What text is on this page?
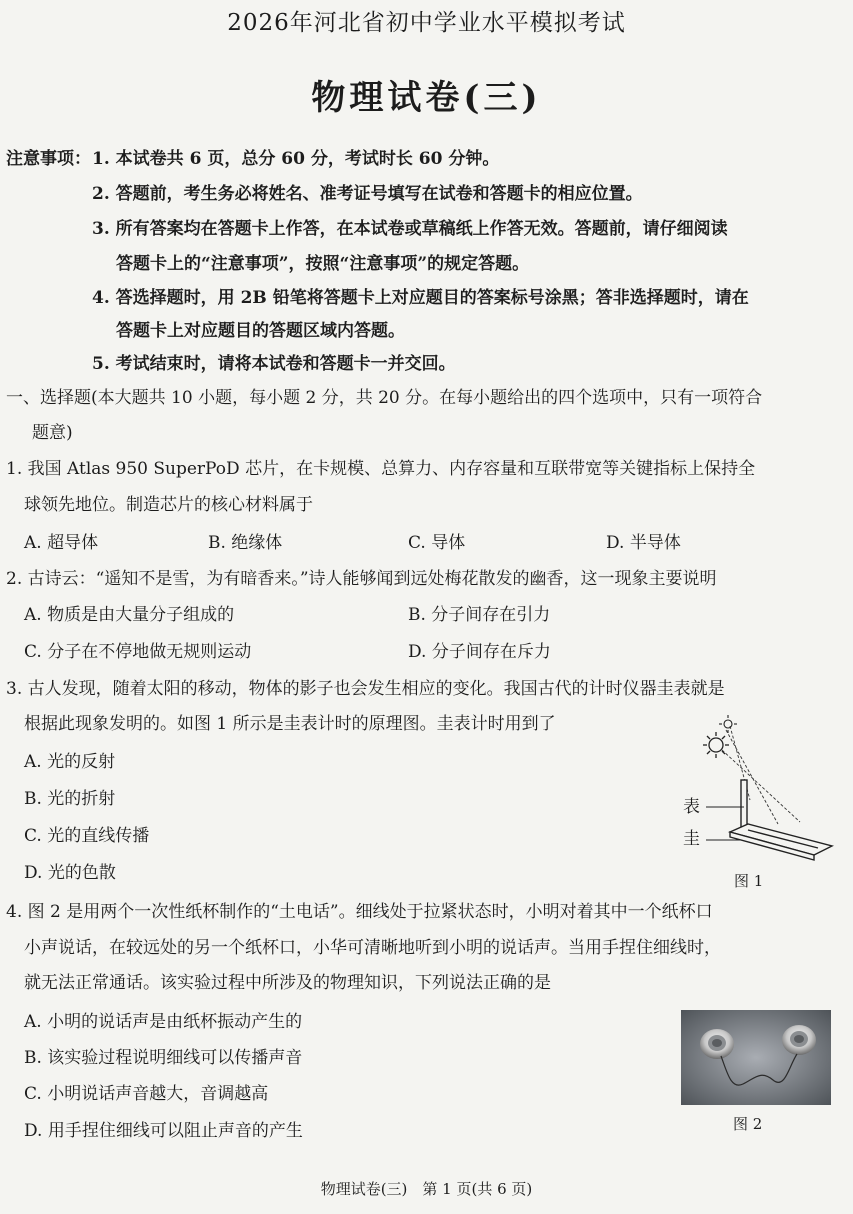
2026年河北省初中学业水平模拟考试
物理试卷(三)
注意事项： 1. 本试卷共 6 页，总分 60 分，考试时长 60 分钟。
2. 答题前，考生务必将姓名、准考证号填写在试卷和答题卡的相应位置。
3. 所有答案均在答题卡上作答，在本试卷或草稿纸上作答无效。答题前，请仔细阅读
答题卡上的“注意事项”，按照“注意事项”的规定答题。
4. 答选择题时，用 2B 铅笔将答题卡上对应题目的答案标号涂黑；答非选择题时，请在
答题卡上对应题目的答题区域内答题。
5. 考试结束时，请将本试卷和答题卡一并交回。
一、选择题(本大题共 10 小题，每小题 2 分，共 20 分。在每小题给出的四个选项中，只有一项符合
题意)
1. 我国 Atlas 950 SuperPoD 芯片，在卡规模、总算力、内存容量和互联带宽等关键指标上保持全
球领先地位。制造芯片的核心材料属于
A. 超导体	B. 绝缘体	C. 导体	D. 半导体
2. 古诗云：“遥知不是雪，为有暗香来。”诗人能够闻到远处梅花散发的幽香，这一现象主要说明
A. 物质是由大量分子组成的	B. 分子间存在引力
C. 分子在不停地做无规则运动	D. 分子间存在斥力
3. 古人发现，随着太阳的移动，物体的影子也会发生相应的变化。我国古代的计时仪器圭表就是
根据此现象发明的。如图 1 所示是圭表计时的原理图。圭表计时用到了
A. 光的反射
B. 光的折射
C. 光的直线传播
D. 光的色散
表
圭
图 1
4. 图 2 是用两个一次性纸杯制作的“土电话”。细线处于拉紧状态时，小明对着其中一个纸杯口
小声说话，在较远处的另一个纸杯口，小华可清晰地听到小明的说话声。当用手捏住细线时，
就无法正常通话。该实验过程中所涉及的物理知识，下列说法正确的是
A. 小明的说话声是由纸杯振动产生的
B. 该实验过程说明细线可以传播声音
C. 小明说话声音越大，音调越高
D. 用手捏住细线可以阻止声音的产生	图 2
物理试卷(三)　第 1 页(共 6 页)
